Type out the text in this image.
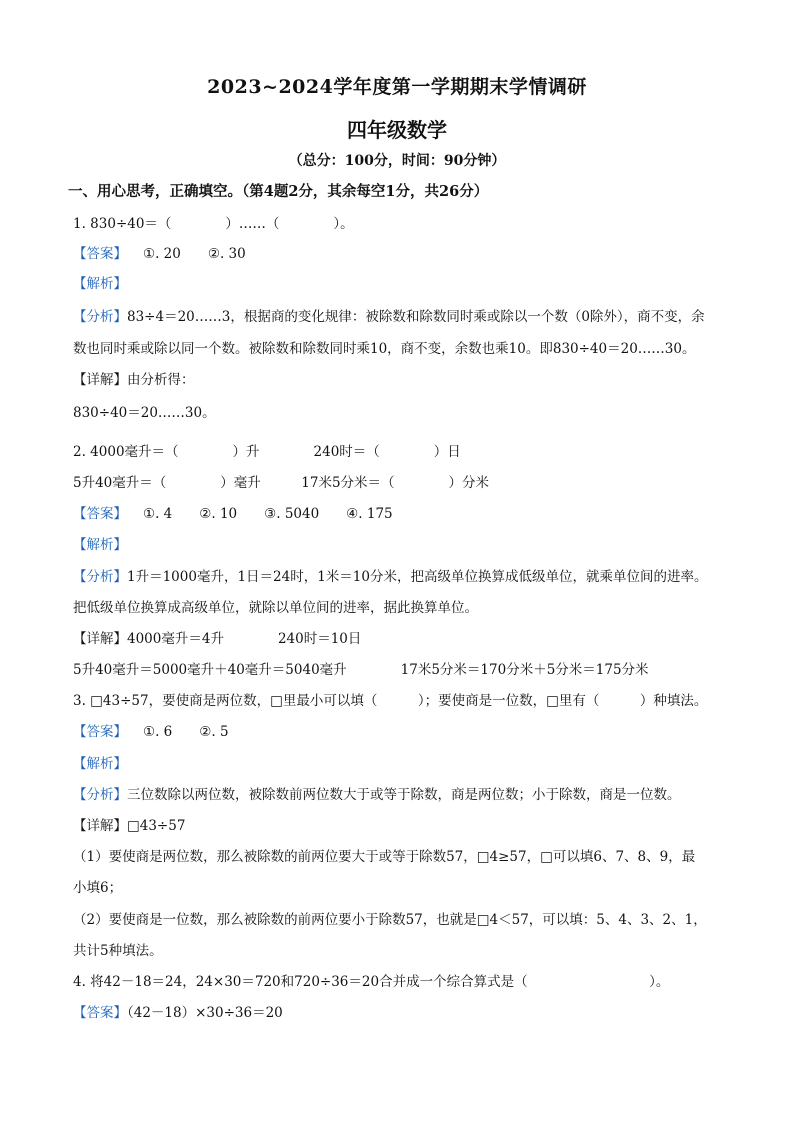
2023~2024学年度第一学期期末学情调研
四年级数学
（总分：100分，时间：90分钟）
一、用心思考，正确填空。（第4题2分，其余每空1分，共26分）
1. 830÷40＝（　　　　）……（　　　　）。
【答案】 ①. 20　　②. 30
【解析】
【分析】83÷4＝20……3，根据商的变化规律：被除数和除数同时乘或除以一个数（0除外），商不变，余
数也同时乘或除以同一个数。被除数和除数同时乘10，商不变，余数也乘10。即830÷40＝20……30。
【详解】由分析得：
830÷40＝20……30。
2. 4000毫升＝（　　　　）升　　　　240时＝（　　　　）日
5升40毫升＝（　　　　）毫升　　　17米5分米＝（　　　　）分米
【答案】 ①. 4　　②. 10　　③. 5040　　④. 175
【解析】
【分析】1升＝1000毫升，1日＝24时，1米＝10分米，把高级单位换算成低级单位，就乘单位间的进率。
把低级单位换算成高级单位，就除以单位间的进率，据此换算单位。
【详解】4000毫升＝4升　　　　240时＝10日
5升40毫升＝5000毫升＋40毫升＝5040毫升　　　　17米5分米＝170分米＋5分米＝175分米
3. □43÷57，要使商是两位数，□里最小可以填（　　　）；要使商是一位数，□里有（　　　）种填法。
【答案】 ①. 6　　②. 5
【解析】
【分析】三位数除以两位数，被除数前两位数大于或等于除数，商是两位数；小于除数，商是一位数。
【详解】□43÷57
（1）要使商是两位数，那么被除数的前两位要大于或等于除数57，□4≥57，□可以填6、7、8、9，最
小填6；
（2）要使商是一位数，那么被除数的前两位要小于除数57，也就是□4＜57，可以填：5、4、3、2、1，
共计5种填法。
4. 将42－18＝24，24×30＝720和720÷36＝20合并成一个综合算式是（　　　　　　　　　）。
【答案】（42－18）×30÷36＝20
